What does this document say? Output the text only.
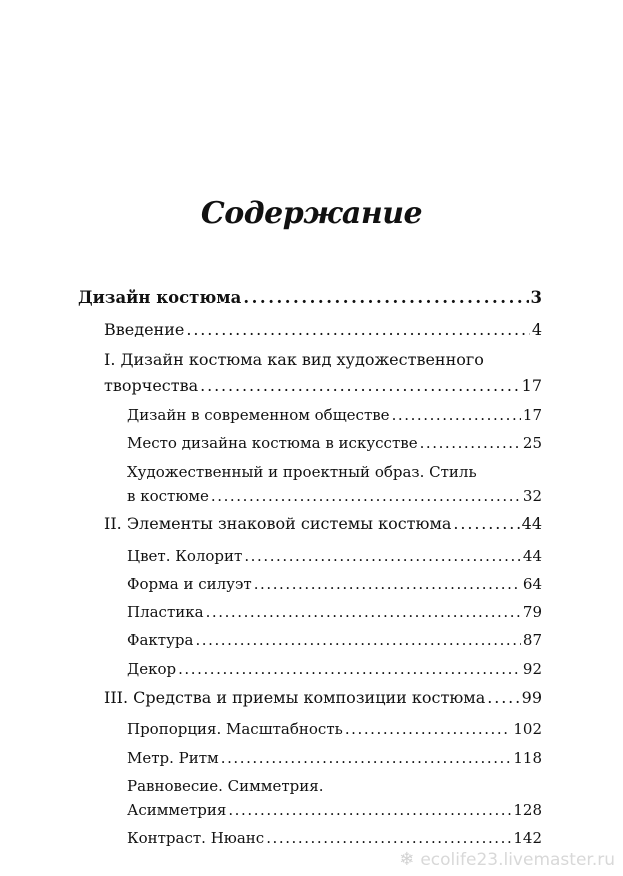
Содержание
Дизайн костюма . . .	3
Введение . . .	4
I. Дизайн костюма как вид художественного
творчества . . .	17
Дизайн в современном обществе . . .	17
Место дизайна костюма в искусстве . . .	25
Художественный и проектный образ. Стиль
в костюме . . .	32
II. Элементы знаковой системы костюма . . .	44
Цвет. Колорит . . .	44
Форма и силуэт . . .	64
Пластика . . .	79
Фактура . . .	87
Декор . . .	92
III. Средства и приемы композиции костюма . . . 99
Пропорция. Масштабность . . .	102
Метр. Ритм . . .	118
Равновесие. Симметрия.
Асимметрия . . .	128
Контраст. Нюанс . . .	142
❄ ecolife23.livemaster.ru
